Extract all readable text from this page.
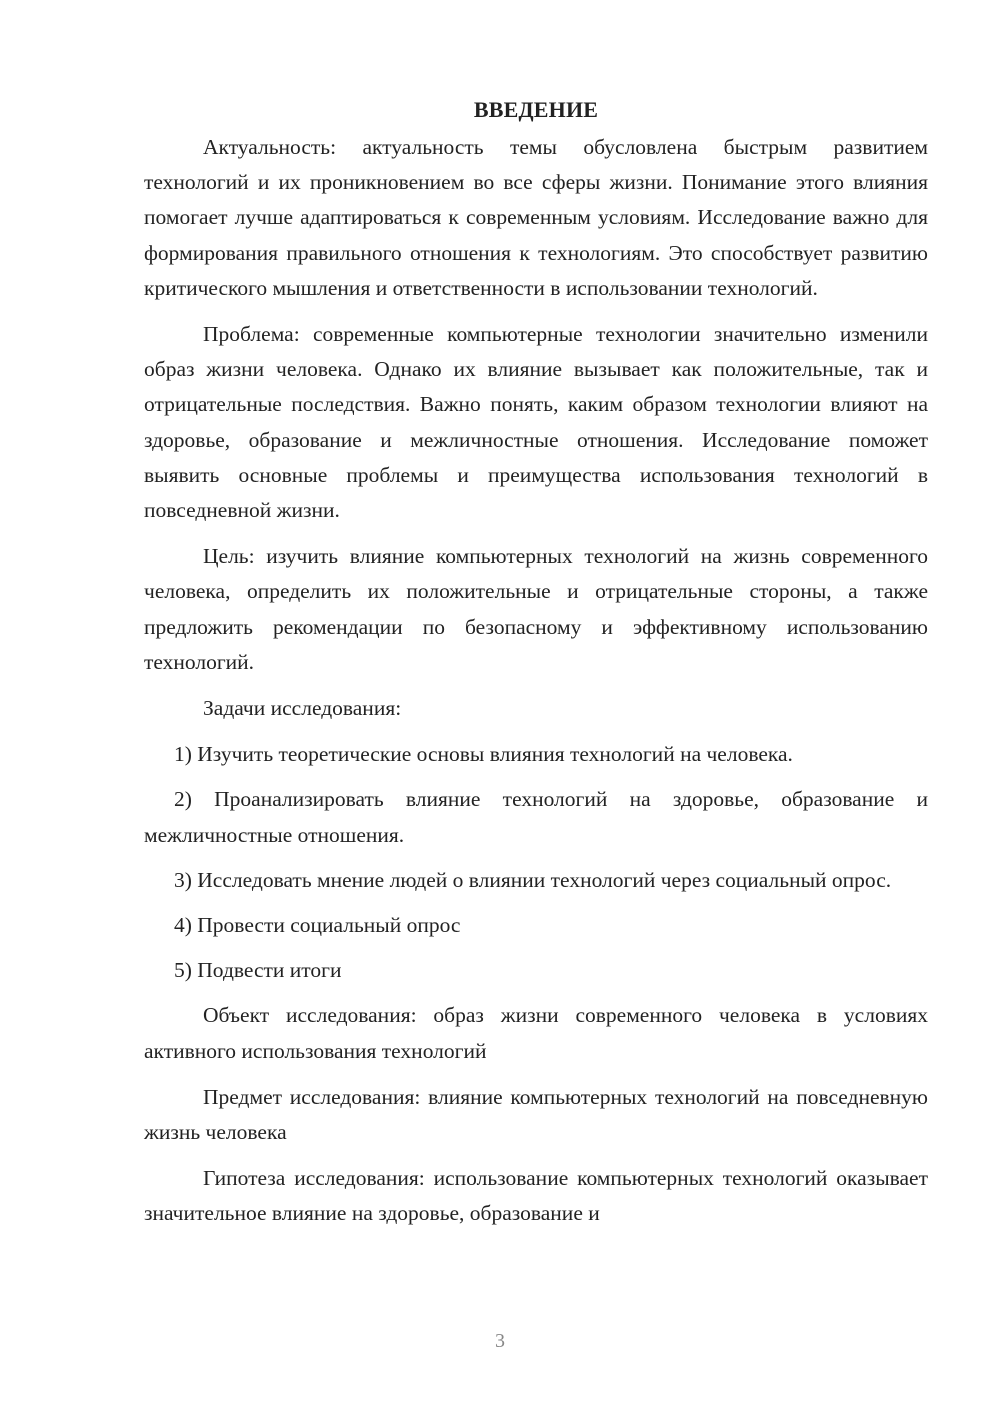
ВВЕДЕНИЕ

Актуальность: актуальность темы обусловлена быстрым развитием технологий и их проникновением во все сферы жизни. Понимание этого влияния помогает лучше адаптироваться к современным условиям. Исследование важно для формирования правильного отношения к технологиям. Это способствует развитию критического мышления и ответственности в использовании технологий.

Проблема: современные компьютерные технологии значительно изменили образ жизни человека. Однако их влияние вызывает как положительные, так и отрицательные последствия. Важно понять, каким образом технологии влияют на здоровье, образование и межличностные отношения. Исследование поможет выявить основные проблемы и преимущества использования технологий в повседневной жизни.

Цель: изучить влияние компьютерных технологий на жизнь современного человека, определить их положительные и отрицательные стороны, а также предложить рекомендации по безопасному и эффективному использованию технологий.

Задачи исследования:

1) Изучить теоретические основы влияния технологий на человека.

2) Проанализировать влияние технологий на здоровье, образование и межличностные отношения.

3) Исследовать мнение людей о влиянии технологий через социальный опрос.

4) Провести социальный опрос

5) Подвести итоги

Объект исследования: образ жизни современного человека в условиях активного использования технологий

Предмет исследования: влияние компьютерных технологий на повседневную жизнь человека

Гипотеза исследования: использование компьютерных технологий оказывает значительное влияние на здоровье, образование и

3
